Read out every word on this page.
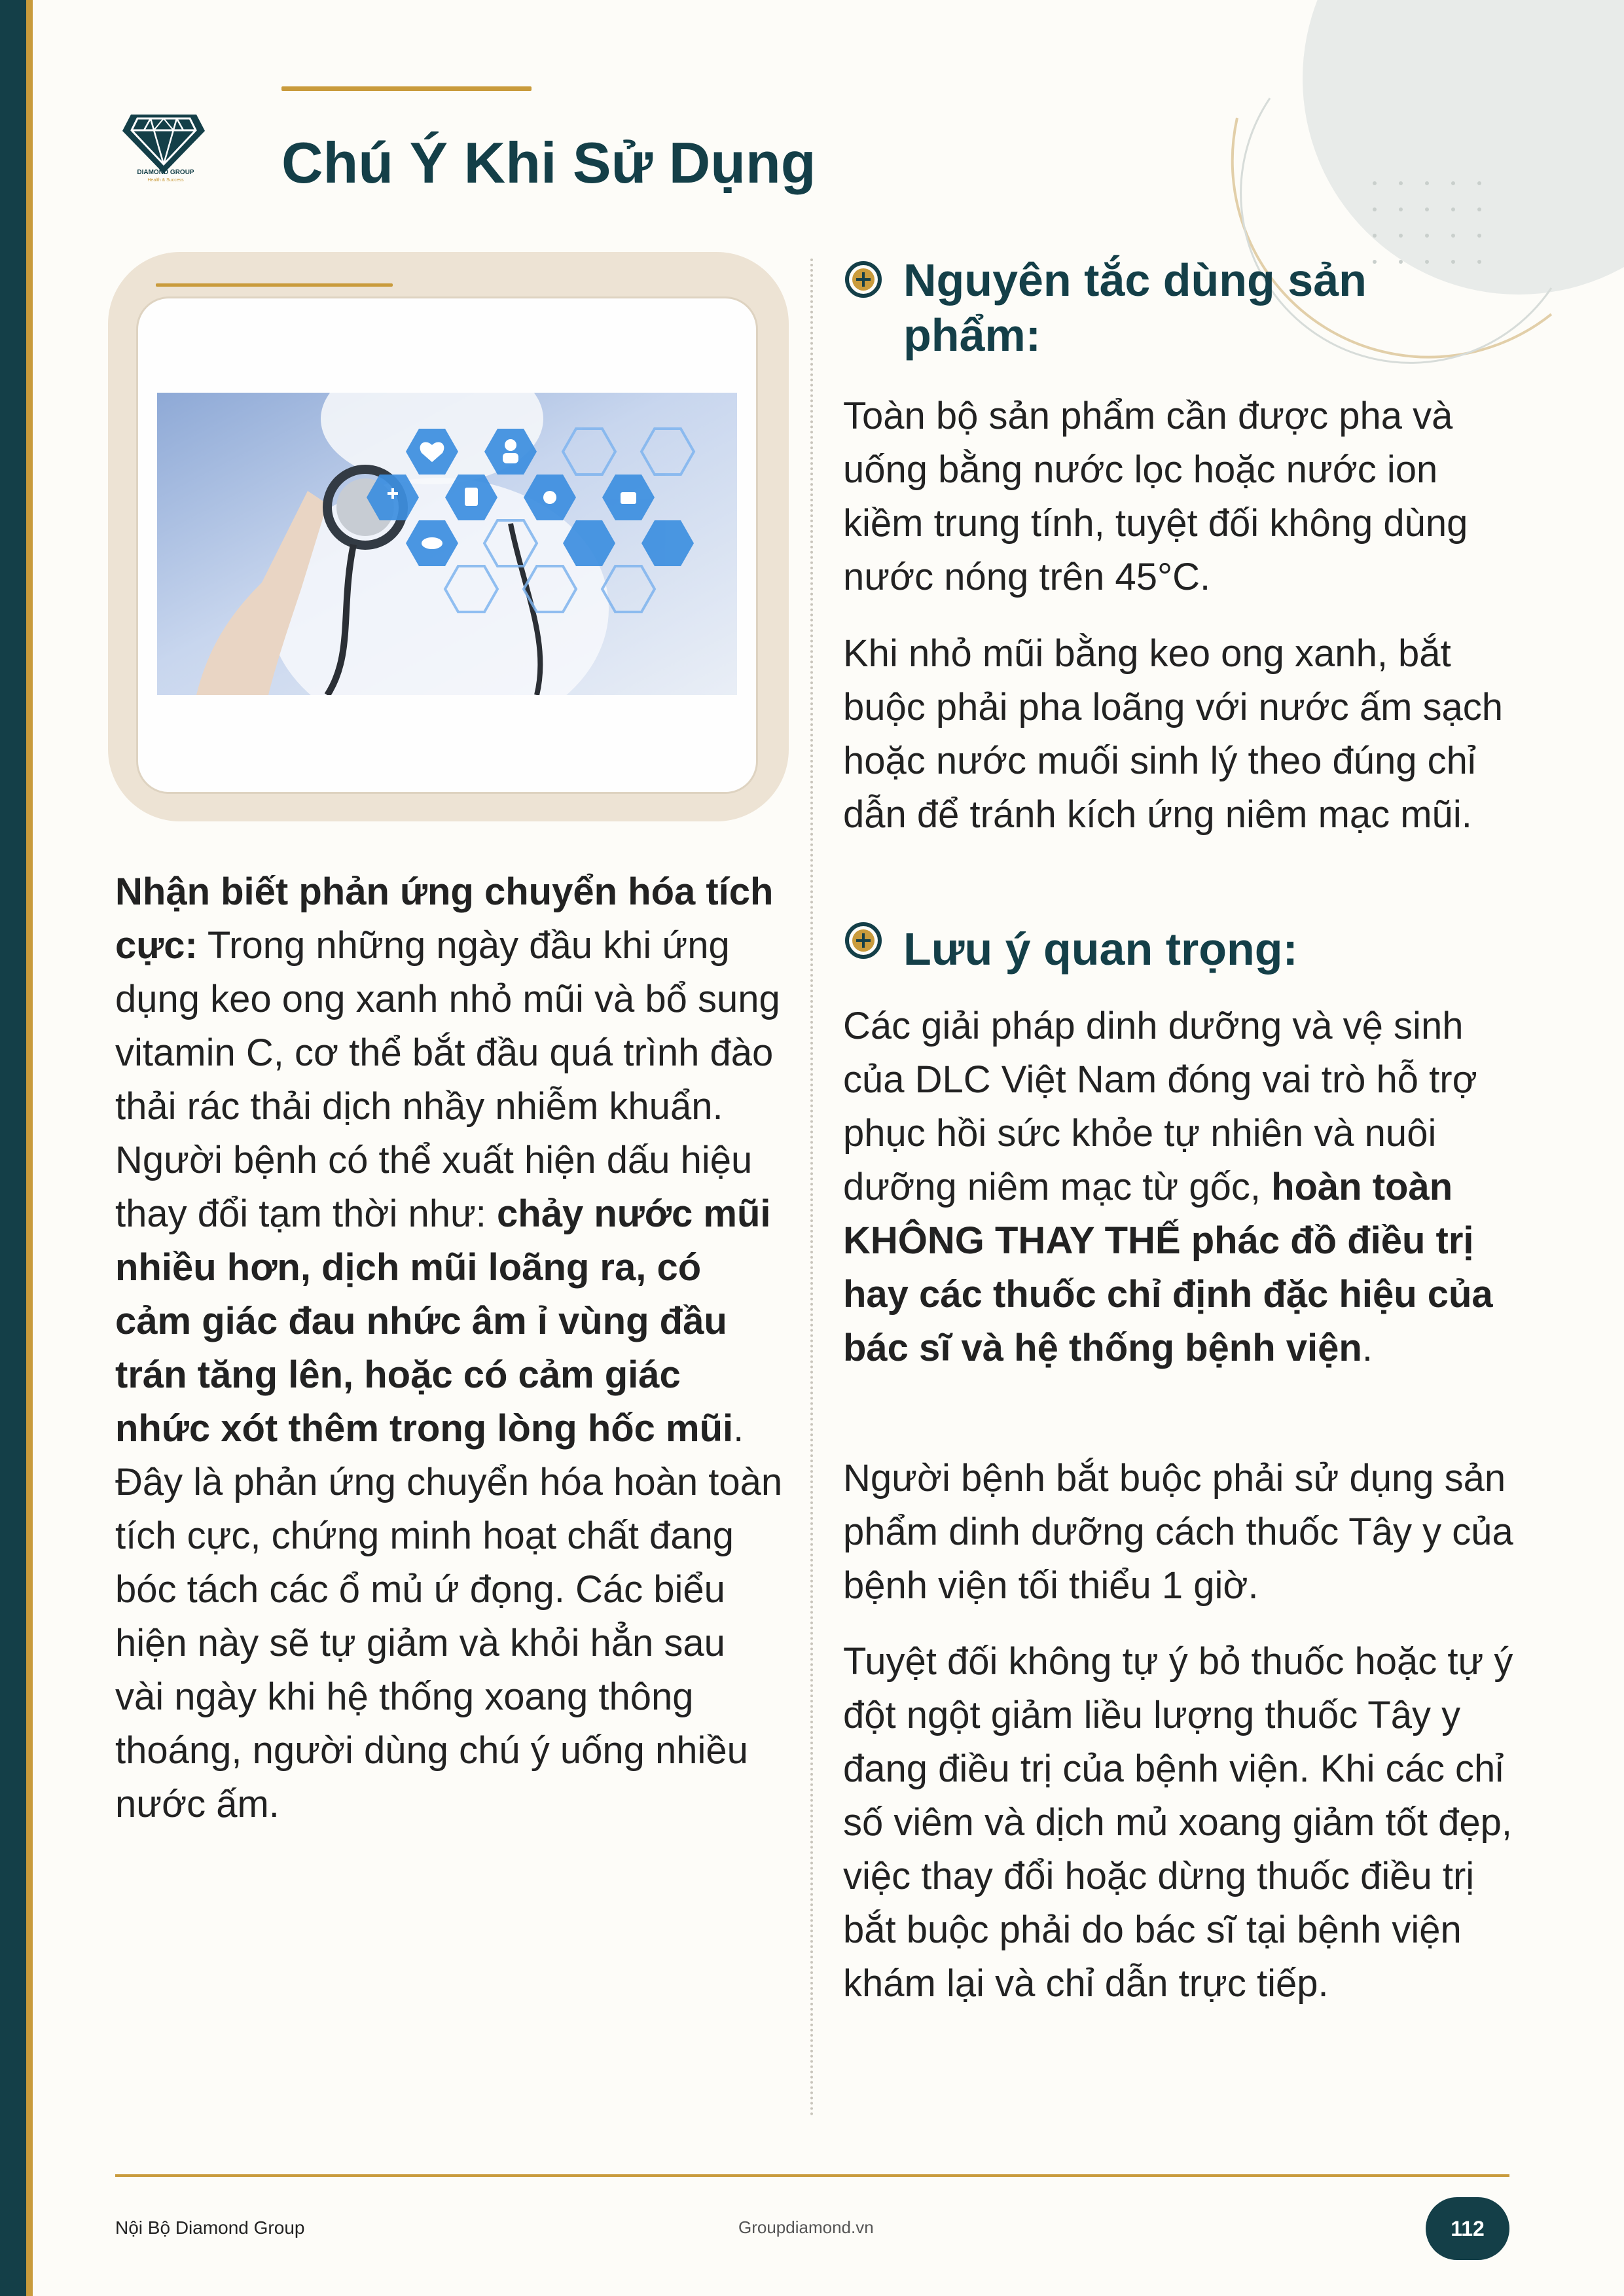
DIAMOND GROUP
Health & Success	Chú Ý Khi Sử Dụng

Nhận biết phản ứng chuyển hóa tích cực: Trong những ngày đầu khi ứng dụng keo ong xanh nhỏ mũi và bổ sung vitamin C, cơ thể bắt đầu quá trình đào thải rác thải dịch nhầy nhiễm khuẩn. Người bệnh có thể xuất hiện dấu hiệu thay đổi tạm thời như: chảy nước mũi nhiều hơn, dịch mũi loãng ra, có cảm giác đau nhức âm ỉ vùng đầu trán tăng lên, hoặc có cảm giác nhức xót thêm trong lòng hốc mũi. Đây là phản ứng chuyển hóa hoàn toàn tích cực, chứng minh hoạt chất đang bóc tách các ổ mủ ứ đọng. Các biểu hiện này sẽ tự giảm và khỏi hẳn sau vài ngày khi hệ thống xoang thông thoáng, người dùng chú ý uống nhiều nước ấm.

Nguyên tắc dùng sản phẩm:

Toàn bộ sản phẩm cần được pha và uống bằng nước lọc hoặc nước ion kiềm trung tính, tuyệt đối không dùng nước nóng trên 45°C.

Khi nhỏ mũi bằng keo ong xanh, bắt buộc phải pha loãng với nước ấm sạch hoặc nước muối sinh lý theo đúng chỉ dẫn để tránh kích ứng niêm mạc mũi.

Lưu ý quan trọng:

Các giải pháp dinh dưỡng và vệ sinh của DLC Việt Nam đóng vai trò hỗ trợ phục hồi sức khỏe tự nhiên và nuôi dưỡng niêm mạc từ gốc, hoàn toàn KHÔNG THAY THẾ phác đồ điều trị hay các thuốc chỉ định đặc hiệu của bác sĩ và hệ thống bệnh viện.

Người bệnh bắt buộc phải sử dụng sản phẩm dinh dưỡng cách thuốc Tây y của bệnh viện tối thiểu 1 giờ.

Tuyệt đối không tự ý bỏ thuốc hoặc tự ý đột ngột giảm liều lượng thuốc Tây y đang điều trị của bệnh viện. Khi các chỉ số viêm và dịch mủ xoang giảm tốt đẹp, việc thay đổi hoặc dừng thuốc điều trị bắt buộc phải do bác sĩ tại bệnh viện khám lại và chỉ dẫn trực tiếp.

Nội Bộ Diamond Group	Groupdiamond.vn	112
